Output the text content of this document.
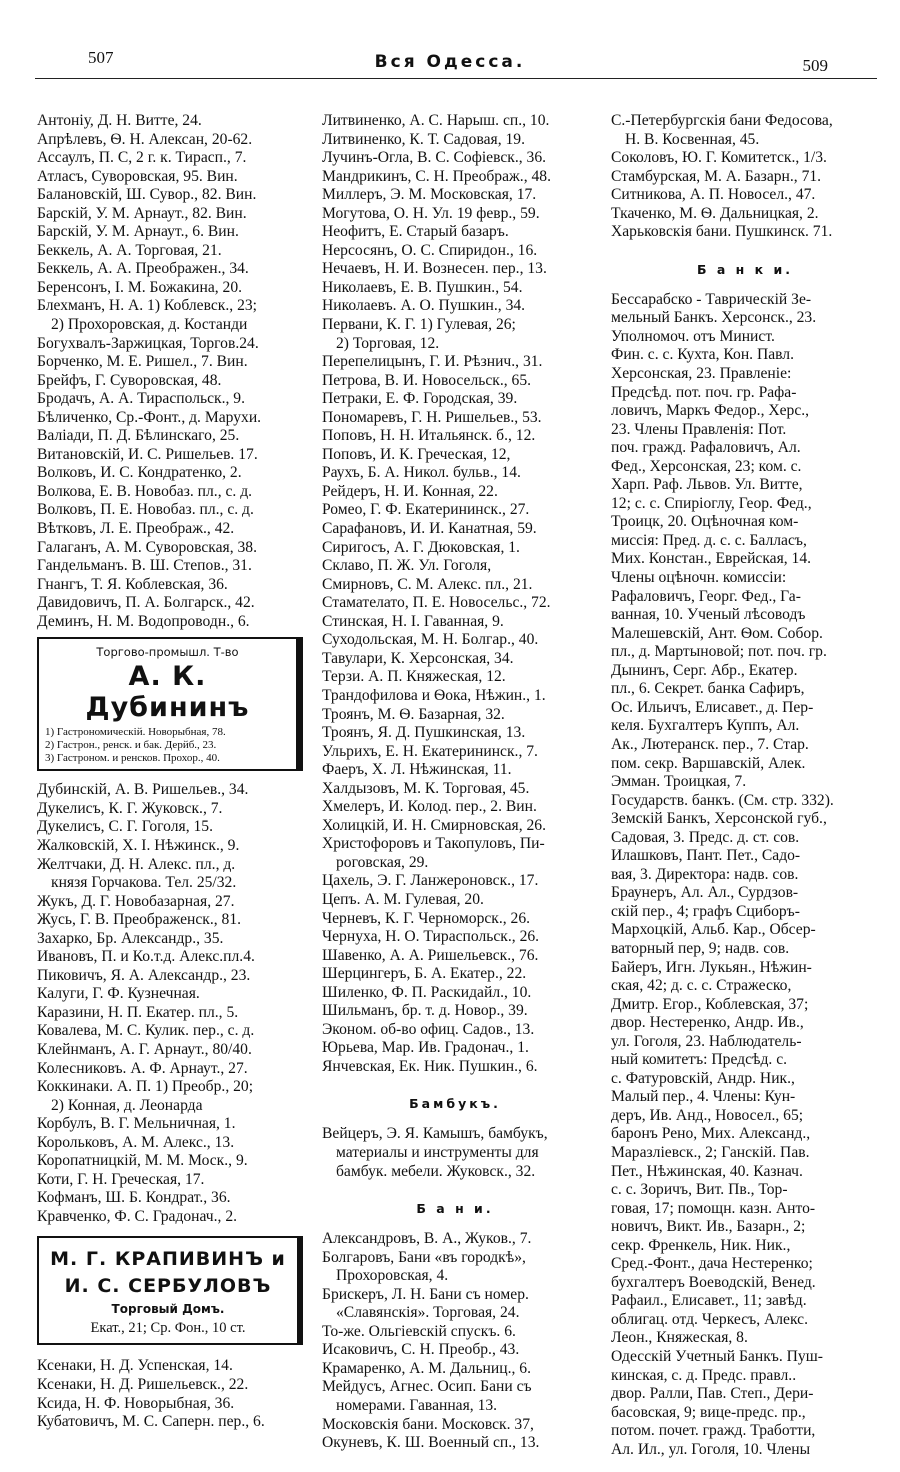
507	Вся Одесса.	509
Антоніу, Д. Н. Витте, 24.
Апрѣлевъ, Ѳ. Н. Алексан, 20-62.
Ассаулъ, П. С, 2 г. к. Тирасп., 7.
Атласъ, Суворовская, 95. Вин.
Балановскій, Ш. Сувор., 82. Вин.
Барскій, У. М. Арнаут., 82. Вин.
Барскій, У. М. Арнаут., 6. Вин.
Беккель, А. А. Торговая, 21.
Беккель, А. А. Преображен., 34.
Беренсонъ, I. М. Божакина, 20.
Блехманъ, Н. А. 1) Коблевск., 23;
2) Прохоровская, д. Костанди
Богухвалъ-Заржицкая, Торгов.24.
Борченко, М. Е. Ришел., 7. Вин.
Брейфъ, Г. Суворовская, 48.
Бродачъ, А. А. Тираспольск., 9.
Бѣличенко, Ср.-Фонт., д. Марухи.
Валіади, П. Д. Бѣлинскаго, 25.
Витановскій, И. С. Ришельев. 17.
Волковъ, И. С. Кондратенко, 2.
Волкова, Е. В. Новобаз. пл., с. д.
Волковъ, П. Е. Новобаз. пл., с. д.
Вѣтковъ, Л. Е. Преображ., 42.
Галаганъ, А. М. Суворовская, 38.
Гандельманъ. В. Ш. Степов., 31.
Гнангъ, Т. Я. Коблевская, 36.
Давидовичъ, П. А. Болгарск., 42.
Деминъ, Н. М. Водопроводн., 6.
Торгово-промышл. Т-во
А. К. Дубининъ
1) Гастрономическій. Новорыбная, 78.
2) Гастрон., ренск. и бак. Дерйб., 23.
3) Гастроном. и ренсков. Прохор., 40.
Дубинскій, А. В. Ришельев., 34.
Дукелисъ, К. Г. Жуковск., 7.
Дукелисъ, С. Г. Гоголя, 15.
Жалковскій, Х. I. Нѣжинск., 9.
Желтчаки, Д. Н. Алекс. пл., д.
князя Горчакова. Тел. 25/32.
Жукъ, Д. Г. Новобазарная, 27.
Жусь, Г. В. Преображенск., 81.
Захарко, Бр. Александр., 35.
Ивановъ, П. и Ко.т.д. Алекс.пл.4.
Пиковичъ, Я. А. Александр., 23.
Калуги, Г. Ф. Кузнечная.
Каразини, Н. П. Екатер. пл., 5.
Ковалева, М. С. Кулик. пер., с. д.
Клейнманъ, А. Г. Арнаут., 80/40.
Колесниковъ. А. Ф. Арнаут., 27.
Коккинаки. А. П. 1) Преобр., 20;
2) Конная, д. Леонарда
Корбулъ, В. Г. Мельничная, 1.
Корольковъ, А. М. Алекс., 13.
Коропатницкій, М. М. Моск., 9.
Коти, Г. Н. Греческая, 17.
Кофманъ, Ш. Б. Кондрат., 36.
Кравченко, Ф. С. Градонач., 2.
М. Г. КРАПИВИНЪ и
И. С. СЕРБУЛОВЪ
Торговый Домъ.
Екат., 21; Ср. Фон., 10 ст.
Ксенаки, Н. Д. Успенская, 14.
Ксенаки, Н. Д. Ришельевск., 22.
Ксида, Н. Ф. Новорыбная, 36.
Кубатовичъ, М. С. Саперн. пер., 6.
Литвиненко, А. С. Нарыш. сп., 10.
Литвиненко, К. Т. Садовая, 19.
Лучинъ-Огла, В. С. Софіевск., 36.
Мандрикинъ, С. Н. Преображ., 48.
Миллеръ, Э. М. Московская, 17.
Могутова, О. Н. Ул. 19 февр., 59.
Неофитъ, Е. Старый базаръ.
Нерсосянъ, О. С. Спиридон., 16.
Нечаевъ, Н. И. Вознесен. пер., 13.
Николаевъ, Е. В. Пушкин., 54.
Николаевъ. А. О. Пушкин., 34.
Первани, К. Г. 1) Гулевая, 26;
2) Торговая, 12.
Перепелицынъ, Г. И. Рѣзнич., 31.
Петрова, В. И. Новосельск., 65.
Петраки, Е. Ф. Городская, 39.
Пономаревъ, Г. Н. Ришельев., 53.
Поповъ, Н. Н. Итальянск. б., 12.
Поповъ, И. К. Греческая, 12,
Раухъ, Б. А. Никол. бульв., 14.
Рейдеръ, Н. И. Конная, 22.
Ромео, Г. Ф. Екатерининск., 27.
Сарафановъ, И. И. Канатная, 59.
Сиригосъ, А. Г. Дюковская, 1.
Склаво, П. Ж. Ул. Гоголя,
Смирновъ, С. М. Алекс. пл., 21.
Стамателато, П. Е. Новосельс., 72.
Стинская, Н. I. Гаванная, 9.
Суходольская, М. Н. Болгар., 40.
Тавулари, К. Херсонская, 34.
Терзи. А. П. Княжеская, 12.
Трандофилова и Ѳока, Нѣжин., 1.
Троянъ, М. Ѳ. Базарная, 32.
Троянъ, Я. Д. Пушкинская, 13.
Ульрихъ, Е. Н. Екатерининск., 7.
Фаеръ, Х. Л. Нѣжинская, 11.
Халдызовъ, М. К. Торговая, 45.
Хмелеръ, И. Колод. пер., 2. Вин.
Холицкій, И. Н. Смирновская, 26.
Христофоровъ и Такопуловъ, Пи-
роговская, 29.
Цахель, Э. Г. Ланжероновск., 17.
Цепъ. А. М. Гулевая, 20.
Черневъ, К. Г. Черноморск., 26.
Чернуха, Н. О. Тираспольск., 26.
Шавенко, А. А. Ришельевск., 76.
Шерцингеръ, Б. А. Екатер., 22.
Шиленко, Ф. П. Раскидайл., 10.
Шильманъ, бр. т. д. Новор., 39.
Эконом. об-во офиц. Садов., 13.
Юрьева, Мар. Ив. Градонач., 1.
Янчевская, Ек. Ник. Пушкин., 6.
Бамбукъ.
Вейцеръ, Э. Я. Камышъ, бамбукъ,
материалы и инструменты для
бамбук. мебели. Жуковск., 32.
Б а н и.
Александровъ, В. А., Жуков., 7.
Болгаровъ, Бани «въ городкѣ»,
Прохоровская, 4.
Брискеръ, Л. Н. Бани съ номер.
«Славянскія». Торговая, 24.
То-же. Ольгіевскій спускъ. 6.
Исаковичъ, С. Н. Преобр., 43.
Крамаренко, А. М. Дальниц., 6.
Мейдусъ, Агнес. Осип. Бани съ
номерами. Гаванная, 13.
Московскія бани. Московск. 37,
Окуневъ, К. Ш. Военный сп., 13.
С.-Петербургскія бани Федосова,
Н. В. Косвенная, 45.
Соколовъ, Ю. Г. Комитетск., 1/3.
Стамбурская, М. А. Базарн., 71.
Ситникова, А. П. Новосел., 47.
Ткаченко, М. Ѳ. Дальницкая, 2.
Харьковскія бани. Пушкинск. 71.
Б а н к и.
Бессарабско - Таврическій Зе-
мельный Банкъ. Херсонск., 23.
Уполномоч. отъ Минист.
Фин. с. с. Кухта, Кон. Павл.
Херсонская, 23. Правленіе:
Предсѣд. пот. поч. гр. Рафа-
ловичъ, Маркъ Федор., Херс.,
23. Члены Правленія: Пот.
поч. гражд. Рафаловичъ, Ал.
Фед., Херсонская, 23; ком. с.
Харп. Раф. Львов. Ул. Витте,
12; с. с. Спиріоглу, Геор. Фед.,
Троицк, 20. Оцѣночная ком-
миссія: Пред. д. с. с. Балласъ,
Мих. Констан., Еврейская, 14.
Члены оцѣночн. комиссіи:
Рафаловичъ, Георг. Фед., Га-
ванная, 10. Ученый лѣсоводъ
Малешевскій, Ант. Ѳом. Собор.
пл., д. Мартыновой; пот. поч. гр.
Дынинъ, Серг. Абр., Екатер.
пл., 6. Секрет. банка Сафиръ,
Ос. Ильичъ, Елисавет., д. Пер-
келя. Бухгалтеръ Куппъ, Ал.
Ак., Лютеранск. пер., 7. Стар.
пом. секр. Варшавскій, Алек.
Эмман. Троицкая, 7.
Государств. банкъ. (См. стр. 332).
Земскій Банкъ, Херсонской губ.,
Садовая, 3. Предс. д. ст. сов.
Илашковъ, Пант. Пет., Садо-
вая, 3. Директора: надв. сов.
Браунеръ, Ал. Ал., Сурдзов-
скій пер., 4; графъ Сциборъ-
Мархоцкій, Альб. Кар., Обсер-
ваторный пер, 9; надв. сов.
Байеръ, Игн. Лукьян., Нѣжин-
ская, 42; д. с. с. Стражеско,
Дмитр. Егор., Коблевская, 37;
двор. Нестеренко, Андр. Ив.,
ул. Гоголя, 23. Наблюдатель-
ный комитетъ: Предсѣд. с.
с. Фатуровскій, Андр. Ник.,
Малый пер., 4. Члены: Кун-
деръ, Ив. Анд., Новосел., 65;
баронъ Рено, Мих. Александ.,
Маразліевск., 2; Ганскій. Пав.
Пет., Нѣжинская, 40. Казнач.
с. с. Зоричъ, Вит. Пв., Тор-
говая, 17; помощн. казн. Анто-
новичъ, Викт. Ив., Базарн., 2;
секр. Френкель, Ник. Ник.,
Сред.-Фонт., дача Нестеренко;
бухгалтеръ Воеводскій, Венед.
Рафаил., Елисавет., 11; завѣд.
облигац. отд. Черкесъ, Алекс.
Леон., Княжеская, 8.
Одесскій Учетный Банкъ. Пуш-
кинская, с. д. Предс. правл..
двор. Ралли, Пав. Степ., Дери-
басовская, 9; вице-предс. пр.,
потом. почет. гражд. Тработти,
Ал. Ил., ул. Гоголя, 10. Члены
